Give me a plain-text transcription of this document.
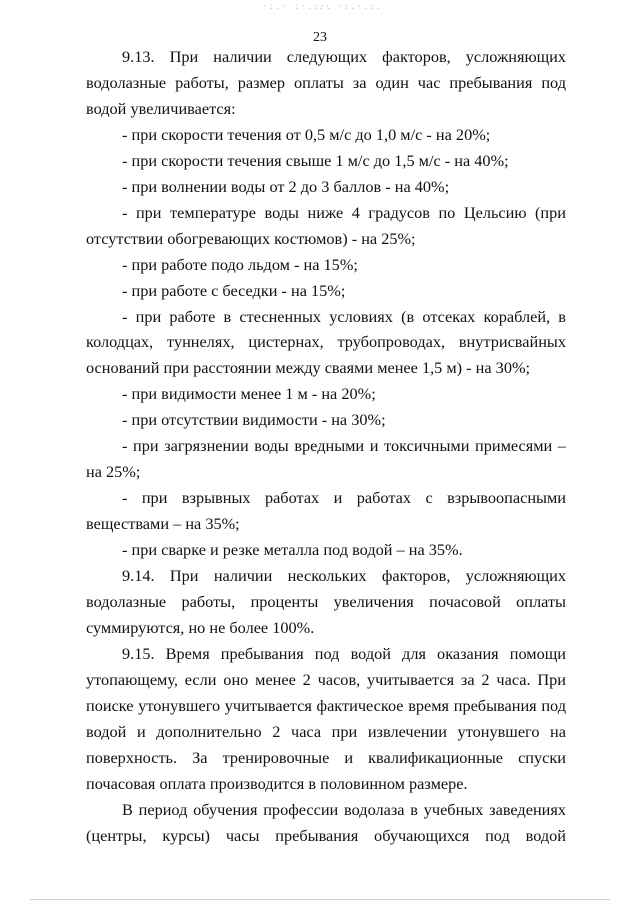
·:.· :·.:·.
.· ·:.·.:.
23

9.13. При наличии следующих факторов, усложняющих водолазные работы, размер оплаты за один час пребывания под водой увеличивается:

- при скорости течения от 0,5 м/с до 1,0 м/с - на 20%;

- при скорости течения свыше 1 м/с до 1,5 м/с - на 40%;

- при волнении воды от 2 до 3 баллов - на 40%;

- при температуре воды ниже 4 градусов по Цельсию (при отсутствии обогревающих костюмов) - на 25%;

- при работе подо льдом - на 15%;

- при работе с беседки - на 15%;

- при работе в стесненных условиях (в отсеках кораблей, в колодцах, туннелях, цистернах, трубопроводах, внутрисвайных оснований при расстоянии между сваями менее 1,5 м) - на 30%;

- при видимости менее 1 м - на 20%;

- при отсутствии видимости - на 30%;

- при загрязнении воды вредными и токсичными примесями – на 25%;

- при взрывных работах и работах с взрывоопасными веществами – на 35%;

- при сварке и резке металла под водой – на 35%.

9.14. При наличии нескольких факторов, усложняющих водолазные работы, проценты увеличения почасовой оплаты суммируются, но не более 100%.

9.15. Время пребывания под водой для оказания помощи утопающему, если оно менее 2 часов, учитывается за 2 часа. При поиске утонувшего учитывается фактическое время пребывания под водой и дополнительно 2 часа при извлечении утонувшего на поверхность. За тренировочные и квалификационные спуски почасовая оплата производится в половинном размере.

В период обучения профессии водолаза в учебных заведениях (центры, курсы) часы пребывания обучающихся под водой
